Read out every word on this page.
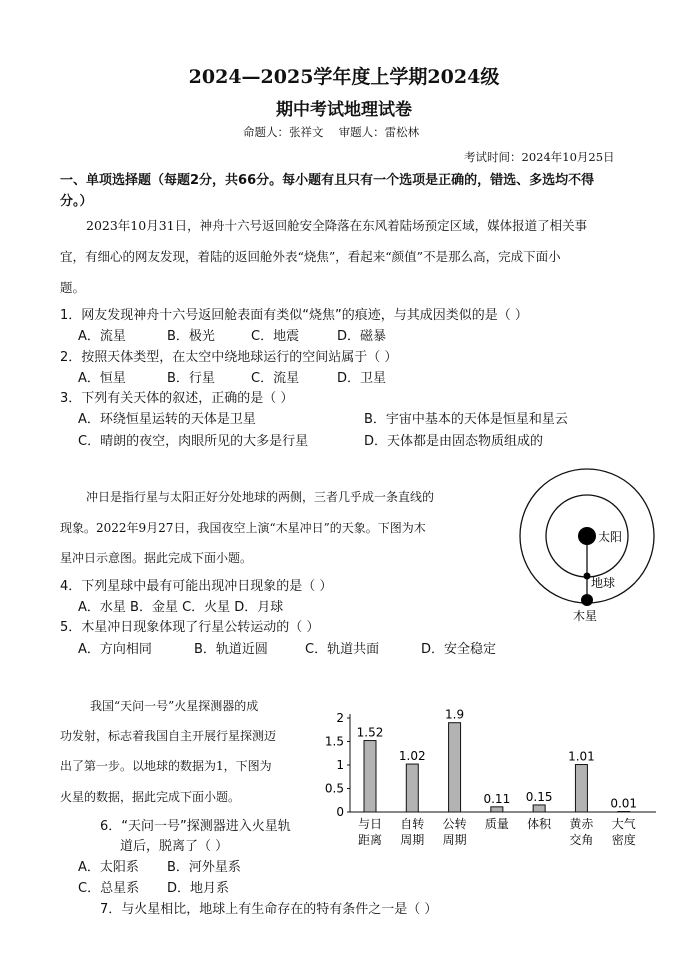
2024—2025学年度上学期2024级
期中考试地理试卷
命题人：张祥文　 审题人：雷松林
考试时间：2024年10月25日
一、单项选择题（每题2分，共66分。每小题有且只有一个选项是正确的，错选、多选均不得
分。）
2023年10月31日，神舟十六号返回舱安全降落在东风着陆场预定区域，媒体报道了相关事
宜，有细心的网友发现，着陆的返回舱外表“烧焦”，看起来“颜值”不是那么高，完成下面小
题。
1．网友发现神舟十六号返回舱表面有类似“烧焦”的痕迹，与其成因类似的是（ ）
A．流星	B．极光	C．地震	D．磁暴
2．按照天体类型，在太空中绕地球运行的空间站属于（ ）
A．恒星	B．行星	C．流星	D．卫星
3．下列有关天体的叙述，正确的是（ ）
A．环绕恒星运转的天体是卫星	B．宇宙中基本的天体是恒星和星云
C．晴朗的夜空，肉眼所见的大多是行星	D．天体都是由固态物质组成的
冲日是指行星与太阳正好分处地球的两侧，三者几乎成一条直线的
现象。2022年9月27日，我国夜空上演“木星冲日”的天象。下图为木
星冲日示意图。据此完成下面小题。
太阳
地球
木星
4．下列星球中最有可能出现冲日现象的是（ ）
A．水星 B．金星 C．火星 D．月球
5．木星冲日现象体现了行星公转运动的（ ）
A．方向相同	B．轨道近圆	C．轨道共面	D．安全稳定
我国“天问一号”火星探测器的成
功发射，标志着我国自主开展行星探测迈
出了第一步。以地球的数据为1，下图为
火星的数据，据此完成下面小题。
0
0.5
1
1.5
2
1.52
与日
距离
1.02
自转
周期
1.9
公转
周期
0.11
质量
0.15
体积
1.01
黄赤
交角
0.01
大气
密度
6．“天问一号”探测器进入火星轨
道后，脱离了（ ）
A．太阳系 B．河外星系
C．总星系 D．地月系
7．与火星相比，地球上有生命存在的特有条件之一是（ ）
